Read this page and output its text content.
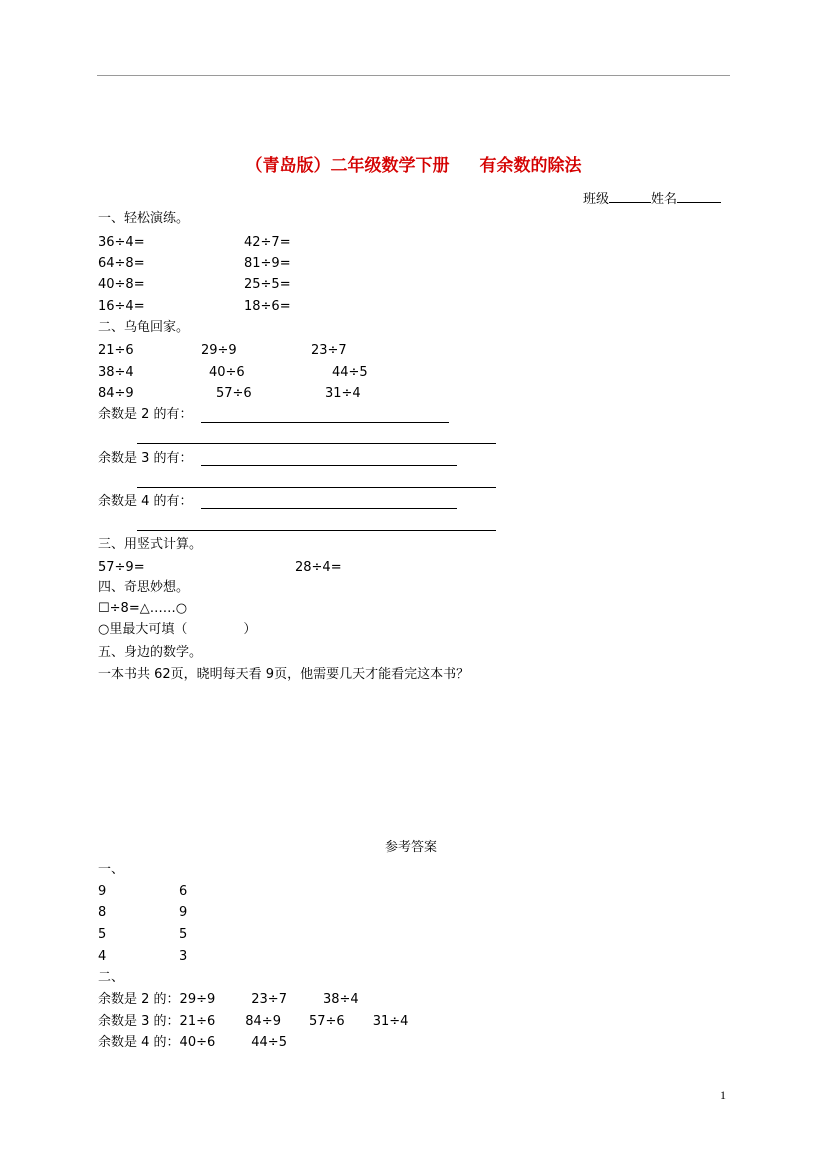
（青岛版）二年级数学下册 有余数的除法
班级	姓名
一、轻松演练。
36÷4=	42÷7=
64÷8=	81÷9=
40÷8=	25÷5=
16÷4=	18÷6=
二、乌龟回家。
21÷6	29÷9	23÷7
38÷4	40÷6	44÷5
84÷9	57÷6	31÷4
余数是 2 的有：
余数是 3 的有：
余数是 4 的有：
三、用竖式计算。
57÷9=	28÷4=
四、奇思妙想。
☐÷8=△……○
○里最大可填（	）
五、身边的数学。
一本书共 62页，晓明每天看 9页，他需要几天才能看完这本书？
参考答案
一、
9	6
8	9
5	5
4	3
二、
余数是 2 的：29÷9	23÷7	38÷4
余数是 3 的：21÷6 84÷9 57÷6 31÷4
余数是 4 的：40÷6	44÷5
1
